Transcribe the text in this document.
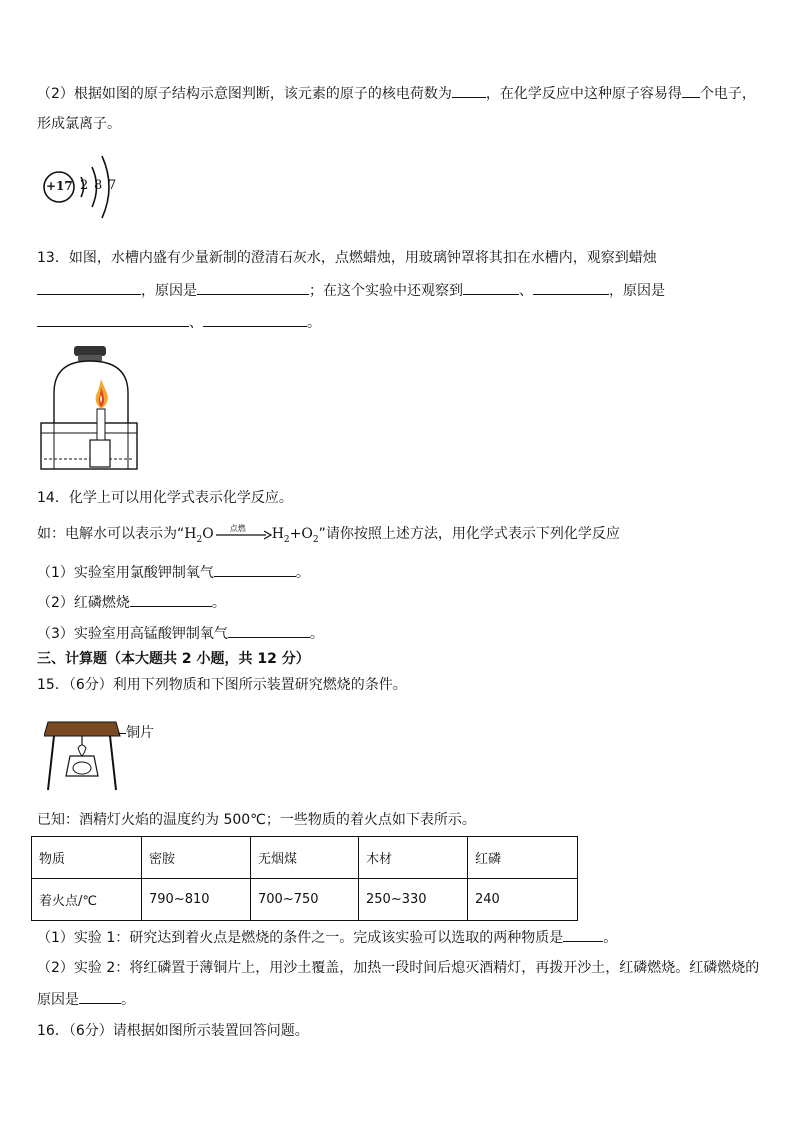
（2）根据如图的原子结构示意图判断，该元素的原子的核电荷数为 ，在化学反应中这种原子容易得 个电子，
形成氯离子。
+17 2 8 7
13．如图，水槽内盛有少量新制的澄清石灰水，点燃蜡烛，用玻璃钟罩将其扣在水槽内，观察到蜡烛
，原因是	；在这个实验中还观察到	、	，原因是
、	。
14．化学上可以用化学式表示化学反应。
如：电解水可以表示为“$H_2O$ 点燃 $H_2+O_2$”请你按照上述方法，用化学式表示下列化学反应
（1）实验室用氯酸钾制氧气	。
（2）红磷燃烧	。
（3）实验室用高锰酸钾制氧气	。
三、计算题（本大题共 2 小题，共 12 分）
15．（6分）利用下列物质和下图所示装置研究燃烧的条件。
铜片
已知：酒精灯火焰的温度约为 500℃；一些物质的着火点如下表所示。
物质	密胺	无烟煤	木材	红磷
着火点/℃	790~810	700~750	250~330	240
（1）实验 1：研究达到着火点是燃烧的条件之一。完成该实验可以选取的两种物质是	。
（2）实验 2：将红磷置于薄铜片上，用沙土覆盖，加热一段时间后熄灭酒精灯，再拨开沙土，红磷燃烧。红磷燃烧的
原因是	。
16．（6分）请根据如图所示装置回答问题。
